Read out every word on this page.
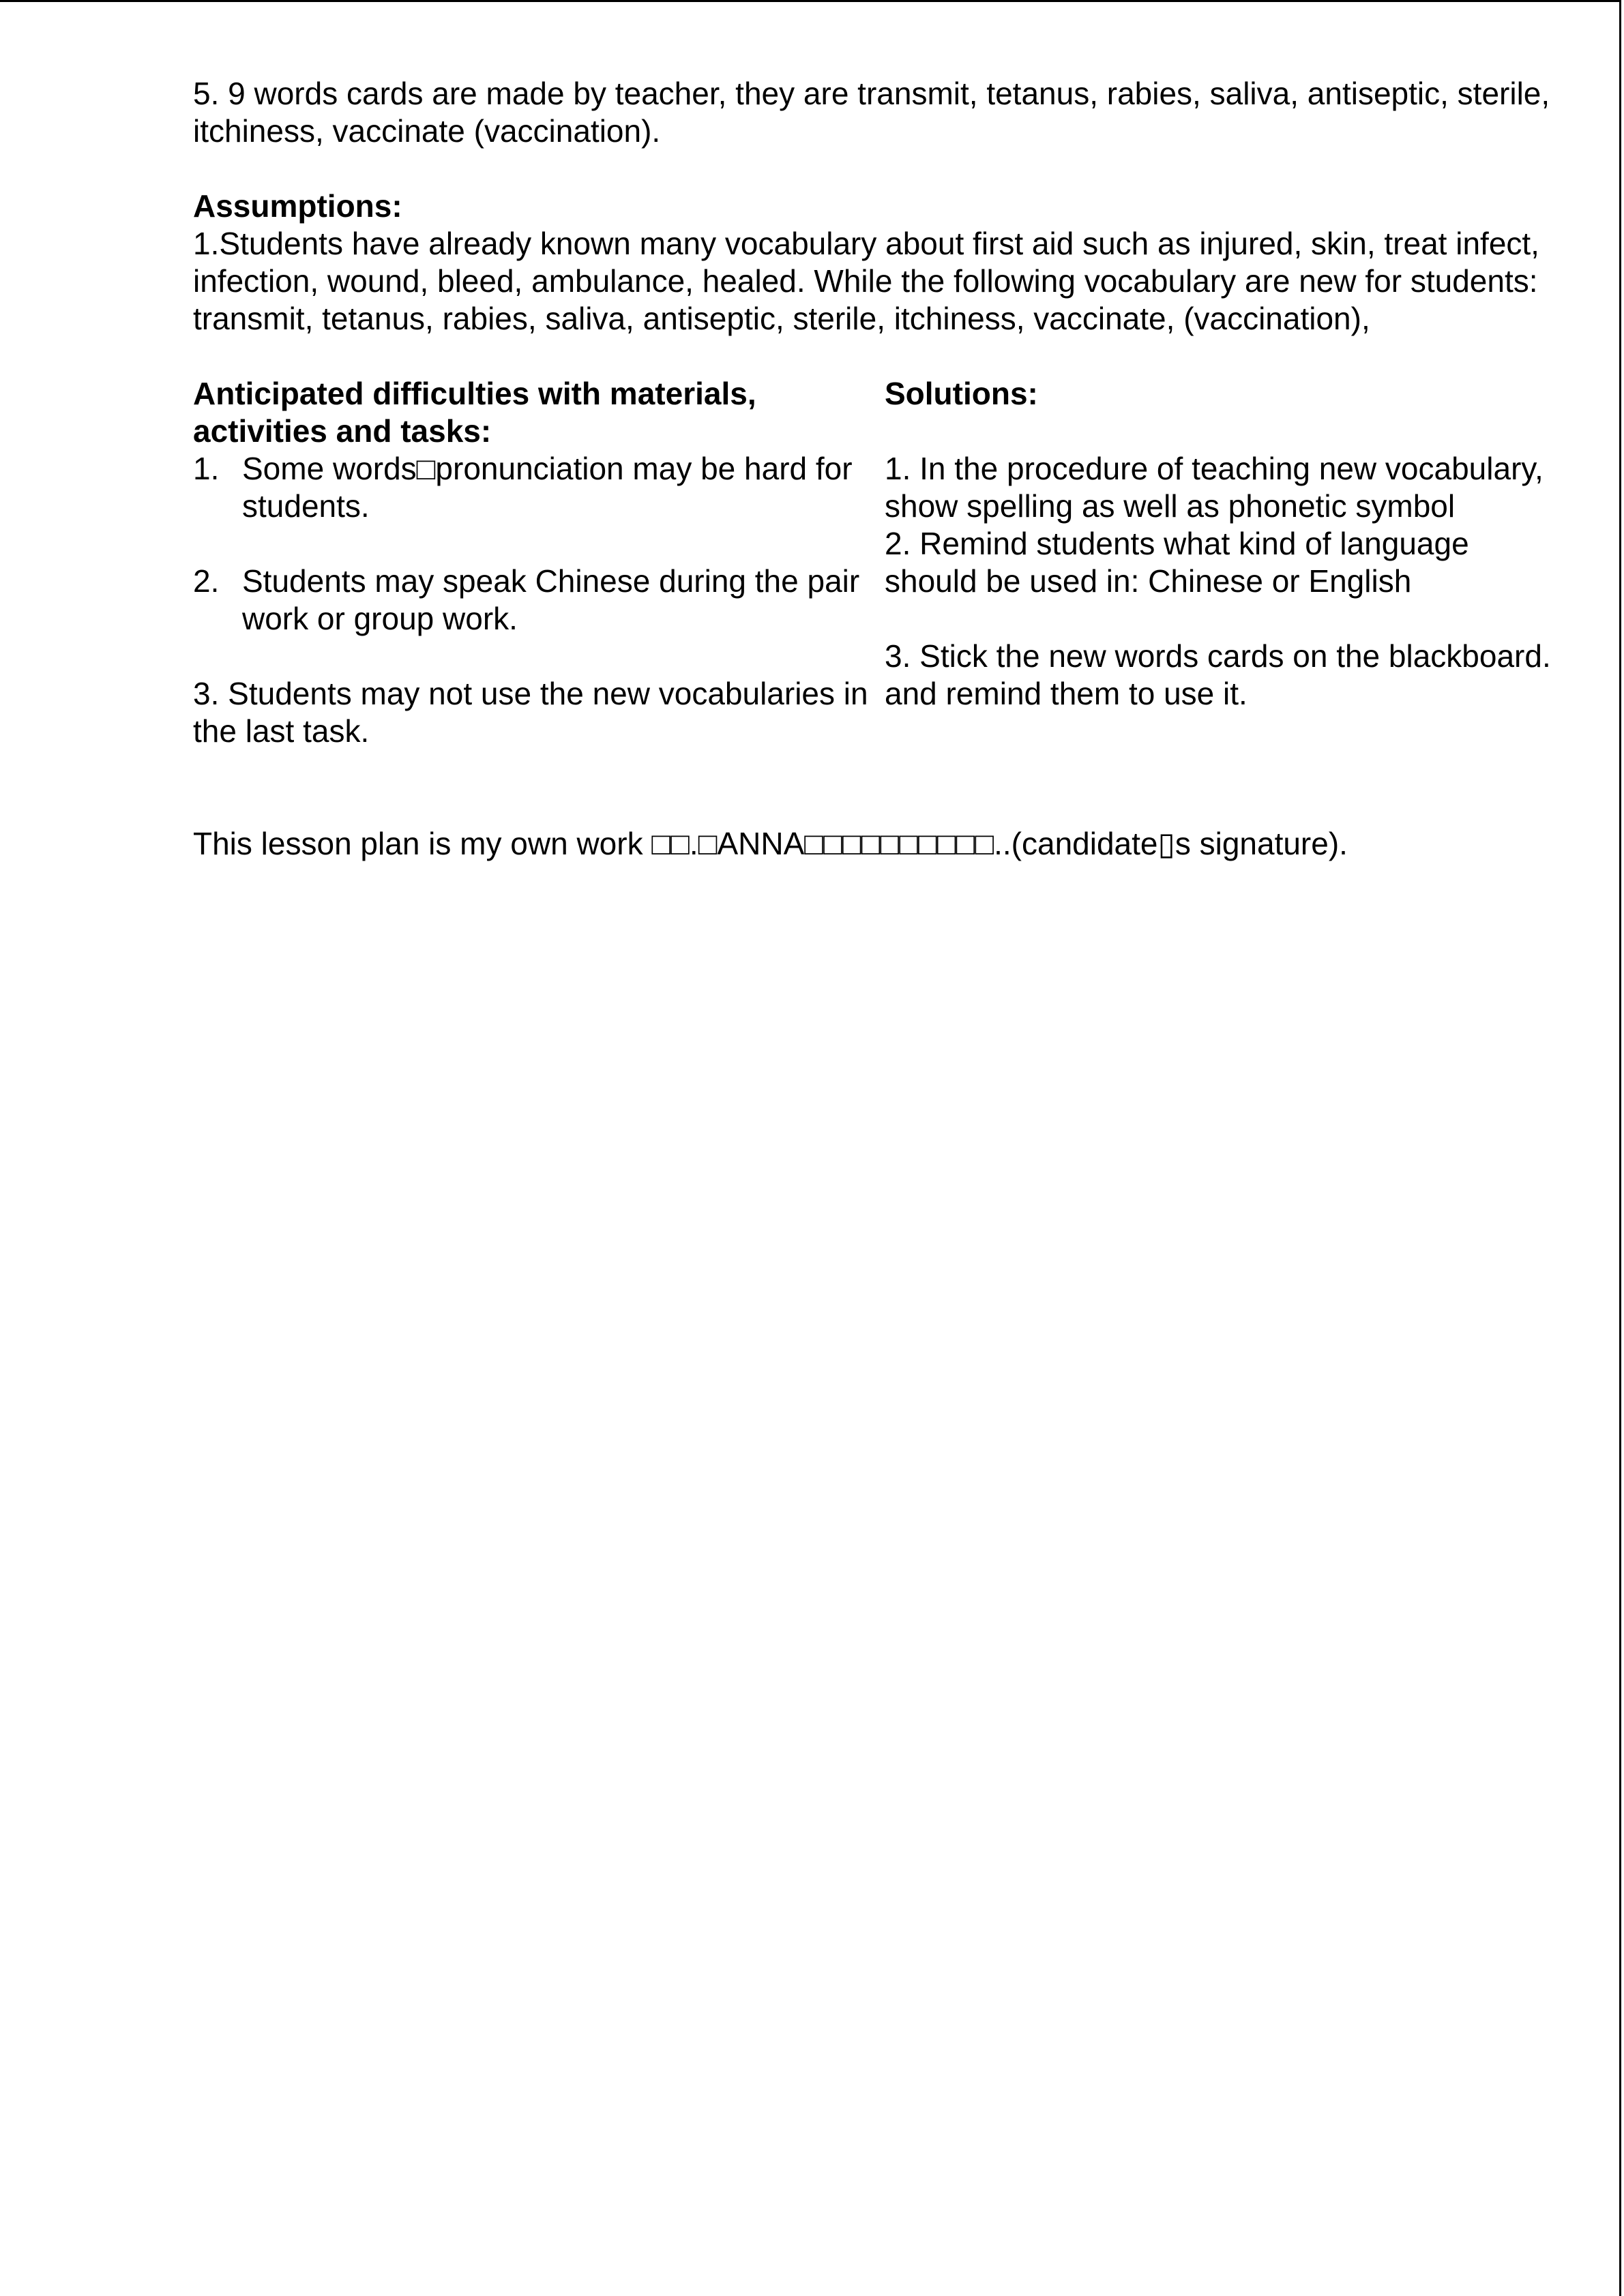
5. 9 words cards are made by teacher, they are transmit, tetanus, rabies, saliva, antiseptic, sterile, itchiness, vaccinate (vaccination).

Assumptions:

1.Students have already known many vocabulary about first aid such as injured, skin, treat infect, infection, wound, bleed, ambulance, healed. While the following vocabulary are new for students: transmit, tetanus, rabies, saliva, antiseptic, sterile, itchiness, vaccinate, (vaccination),

Anticipated difficulties with materials, activities and tasks:

1. Some words□pronunciation may be hard for students.
2. Students may speak Chinese during the pair work or group work.

3. Students may not use the new vocabularies in the last task.

Solutions:

1. In the procedure of teaching new vocabulary, show spelling as well as phonetic symbol

2. Remind students what kind of language should be used in: Chinese or English

3. Stick the new words cards on the blackboard. and remind them to use it.

This lesson plan is my own work □□.□ANNA□□□□□□□□□□..(candidate▯s signature).
